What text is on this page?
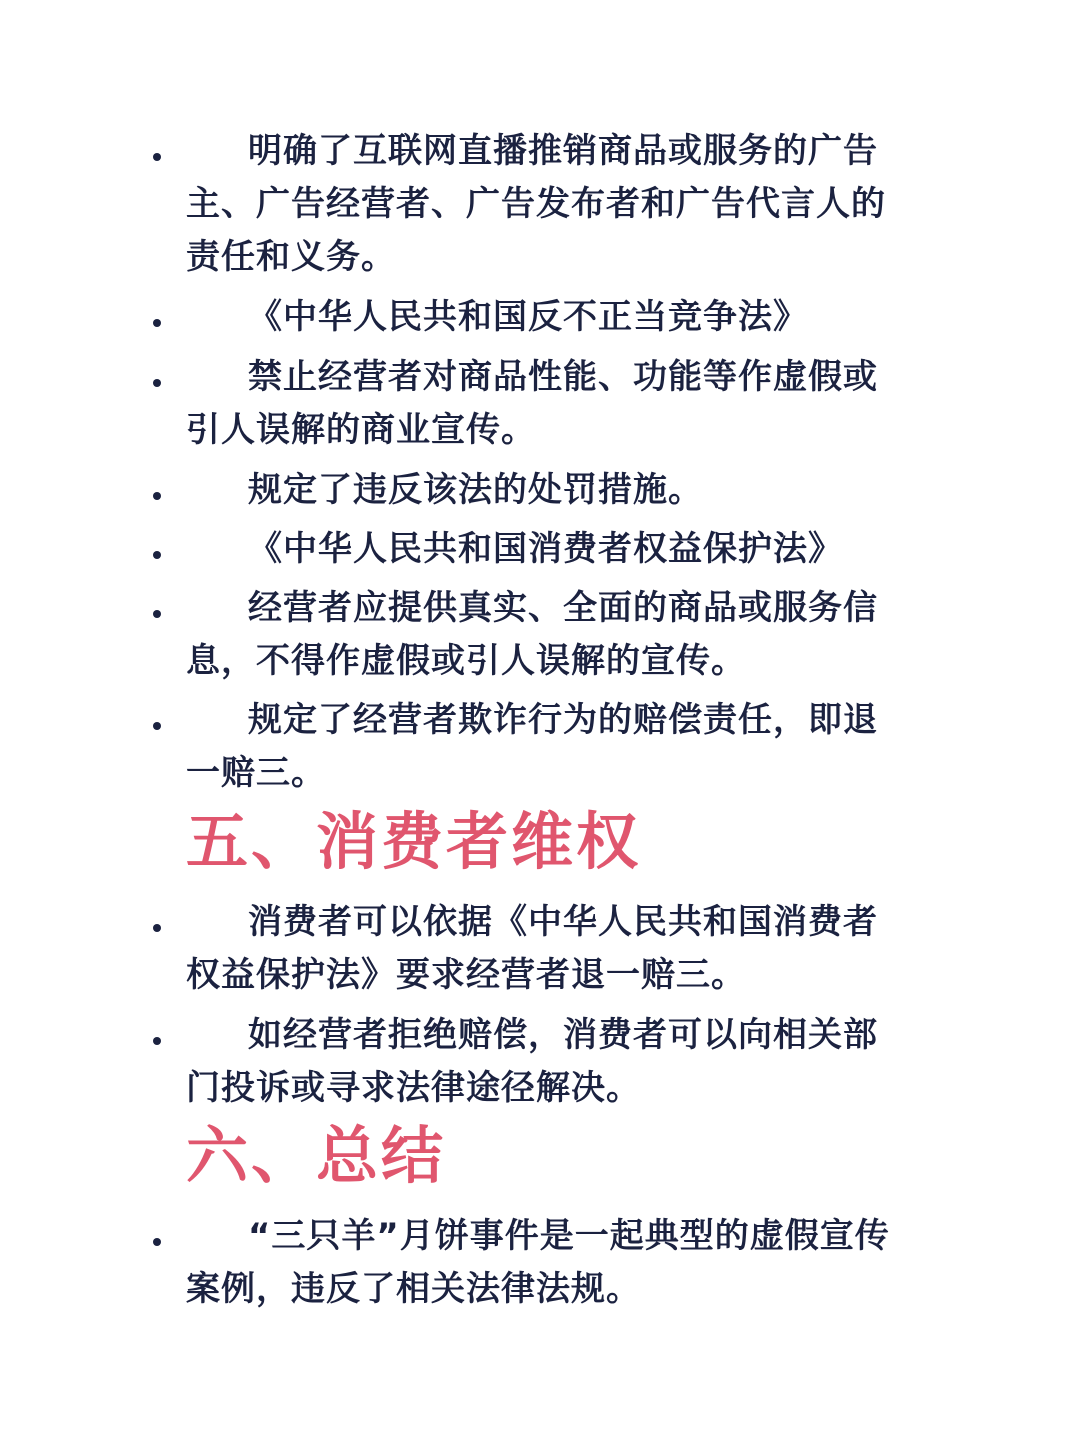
明确了互联网直播推销商品或服务的广告主、广告经营者、广告发布者和广告代言人的责任和义务。
《中华人民共和国反不正当竞争法》
禁止经营者对商品性能、功能等作虚假或引人误解的商业宣传。
规定了违反该法的处罚措施。
《中华人民共和国消费者权益保护法》
经营者应提供真实、全面的商品或服务信息，不得作虚假或引人误解的宣传。
规定了经营者欺诈行为的赔偿责任，即退一赔三。
五、消费者维权
消费者可以依据《中华人民共和国消费者权益保护法》要求经营者退一赔三。
如经营者拒绝赔偿，消费者可以向相关部门投诉或寻求法律途径解决。
六、总结
“三只羊”月饼事件是一起典型的虚假宣传案例，违反了相关法律法规。
